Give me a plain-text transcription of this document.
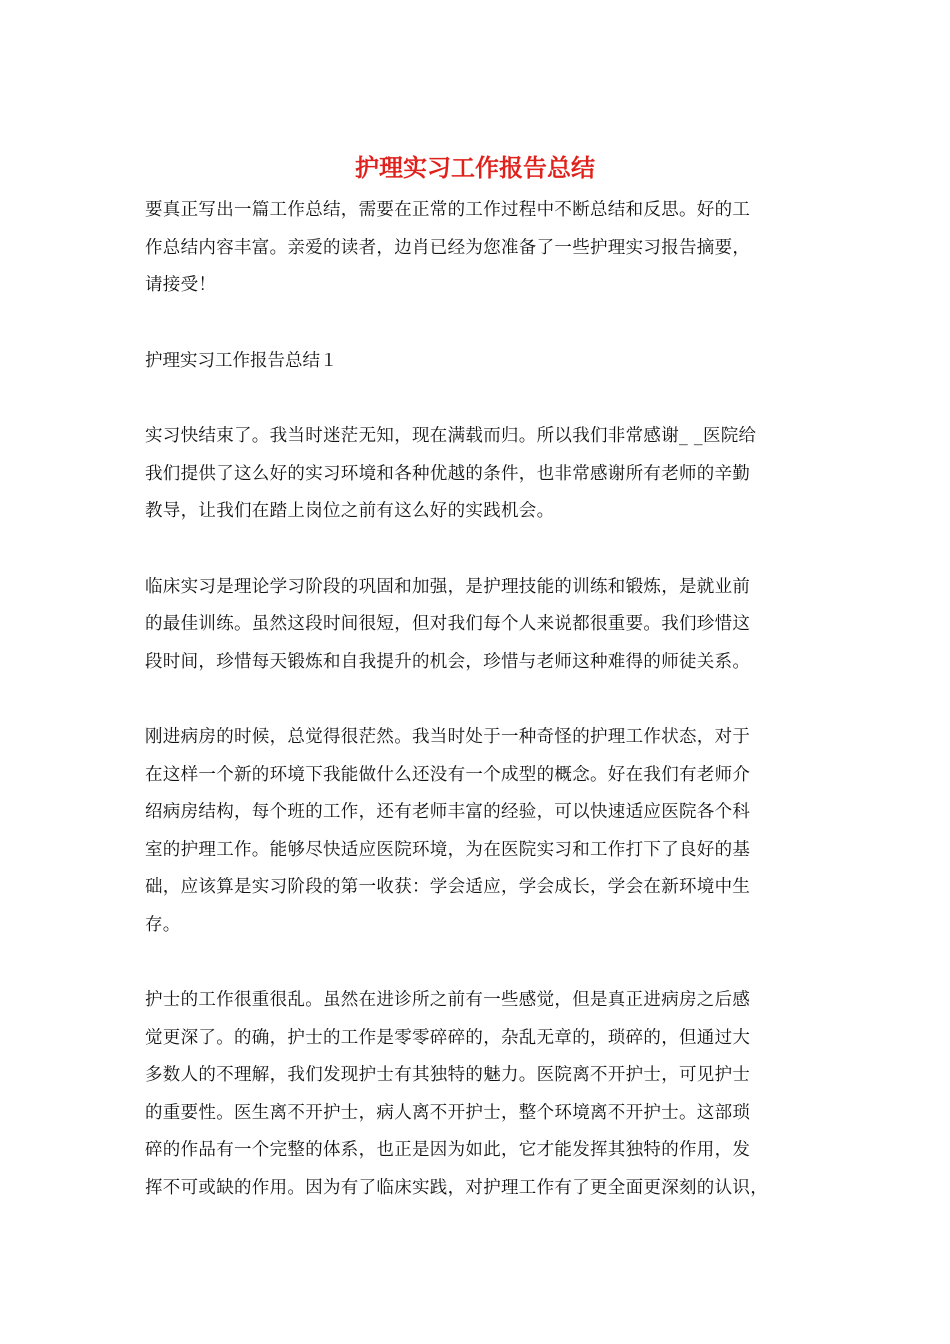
护理实习工作报告总结

要真正写出一篇工作总结，需要在正常的工作过程中不断总结和反思。好的工
作总结内容丰富。亲爱的读者，边肖已经为您准备了一些护理实习报告摘要，
请接受！

护理实习工作报告总结１

实习快结束了。我当时迷茫无知，现在满载而归。所以我们非常感谢_ _医院给
我们提供了这么好的实习环境和各种优越的条件，也非常感谢所有老师的辛勤
教导，让我们在踏上岗位之前有这么好的实践机会。

临床实习是理论学习阶段的巩固和加强，是护理技能的训练和锻炼，是就业前
的最佳训练。虽然这段时间很短，但对我们每个人来说都很重要。我们珍惜这
段时间，珍惜每天锻炼和自我提升的机会，珍惜与老师这种难得的师徒关系。

刚进病房的时候，总觉得很茫然。我当时处于一种奇怪的护理工作状态，对于
在这样一个新的环境下我能做什么还没有一个成型的概念。好在我们有老师介
绍病房结构，每个班的工作，还有老师丰富的经验，可以快速适应医院各个科
室的护理工作。能够尽快适应医院环境，为在医院实习和工作打下了良好的基
础，应该算是实习阶段的第一收获：学会适应，学会成长，学会在新环境中生
存。

护士的工作很重很乱。虽然在进诊所之前有一些感觉，但是真正进病房之后感
觉更深了。的确，护士的工作是零零碎碎的，杂乱无章的，琐碎的，但通过大
多数人的不理解，我们发现护士有其独特的魅力。医院离不开护士，可见护士
的重要性。医生离不开护士，病人离不开护士，整个环境离不开护士。这部琐
碎的作品有一个完整的体系，也正是因为如此，它才能发挥其独特的作用，发
挥不可或缺的作用。因为有了临床实践，对护理工作有了更全面更深刻的认识，
